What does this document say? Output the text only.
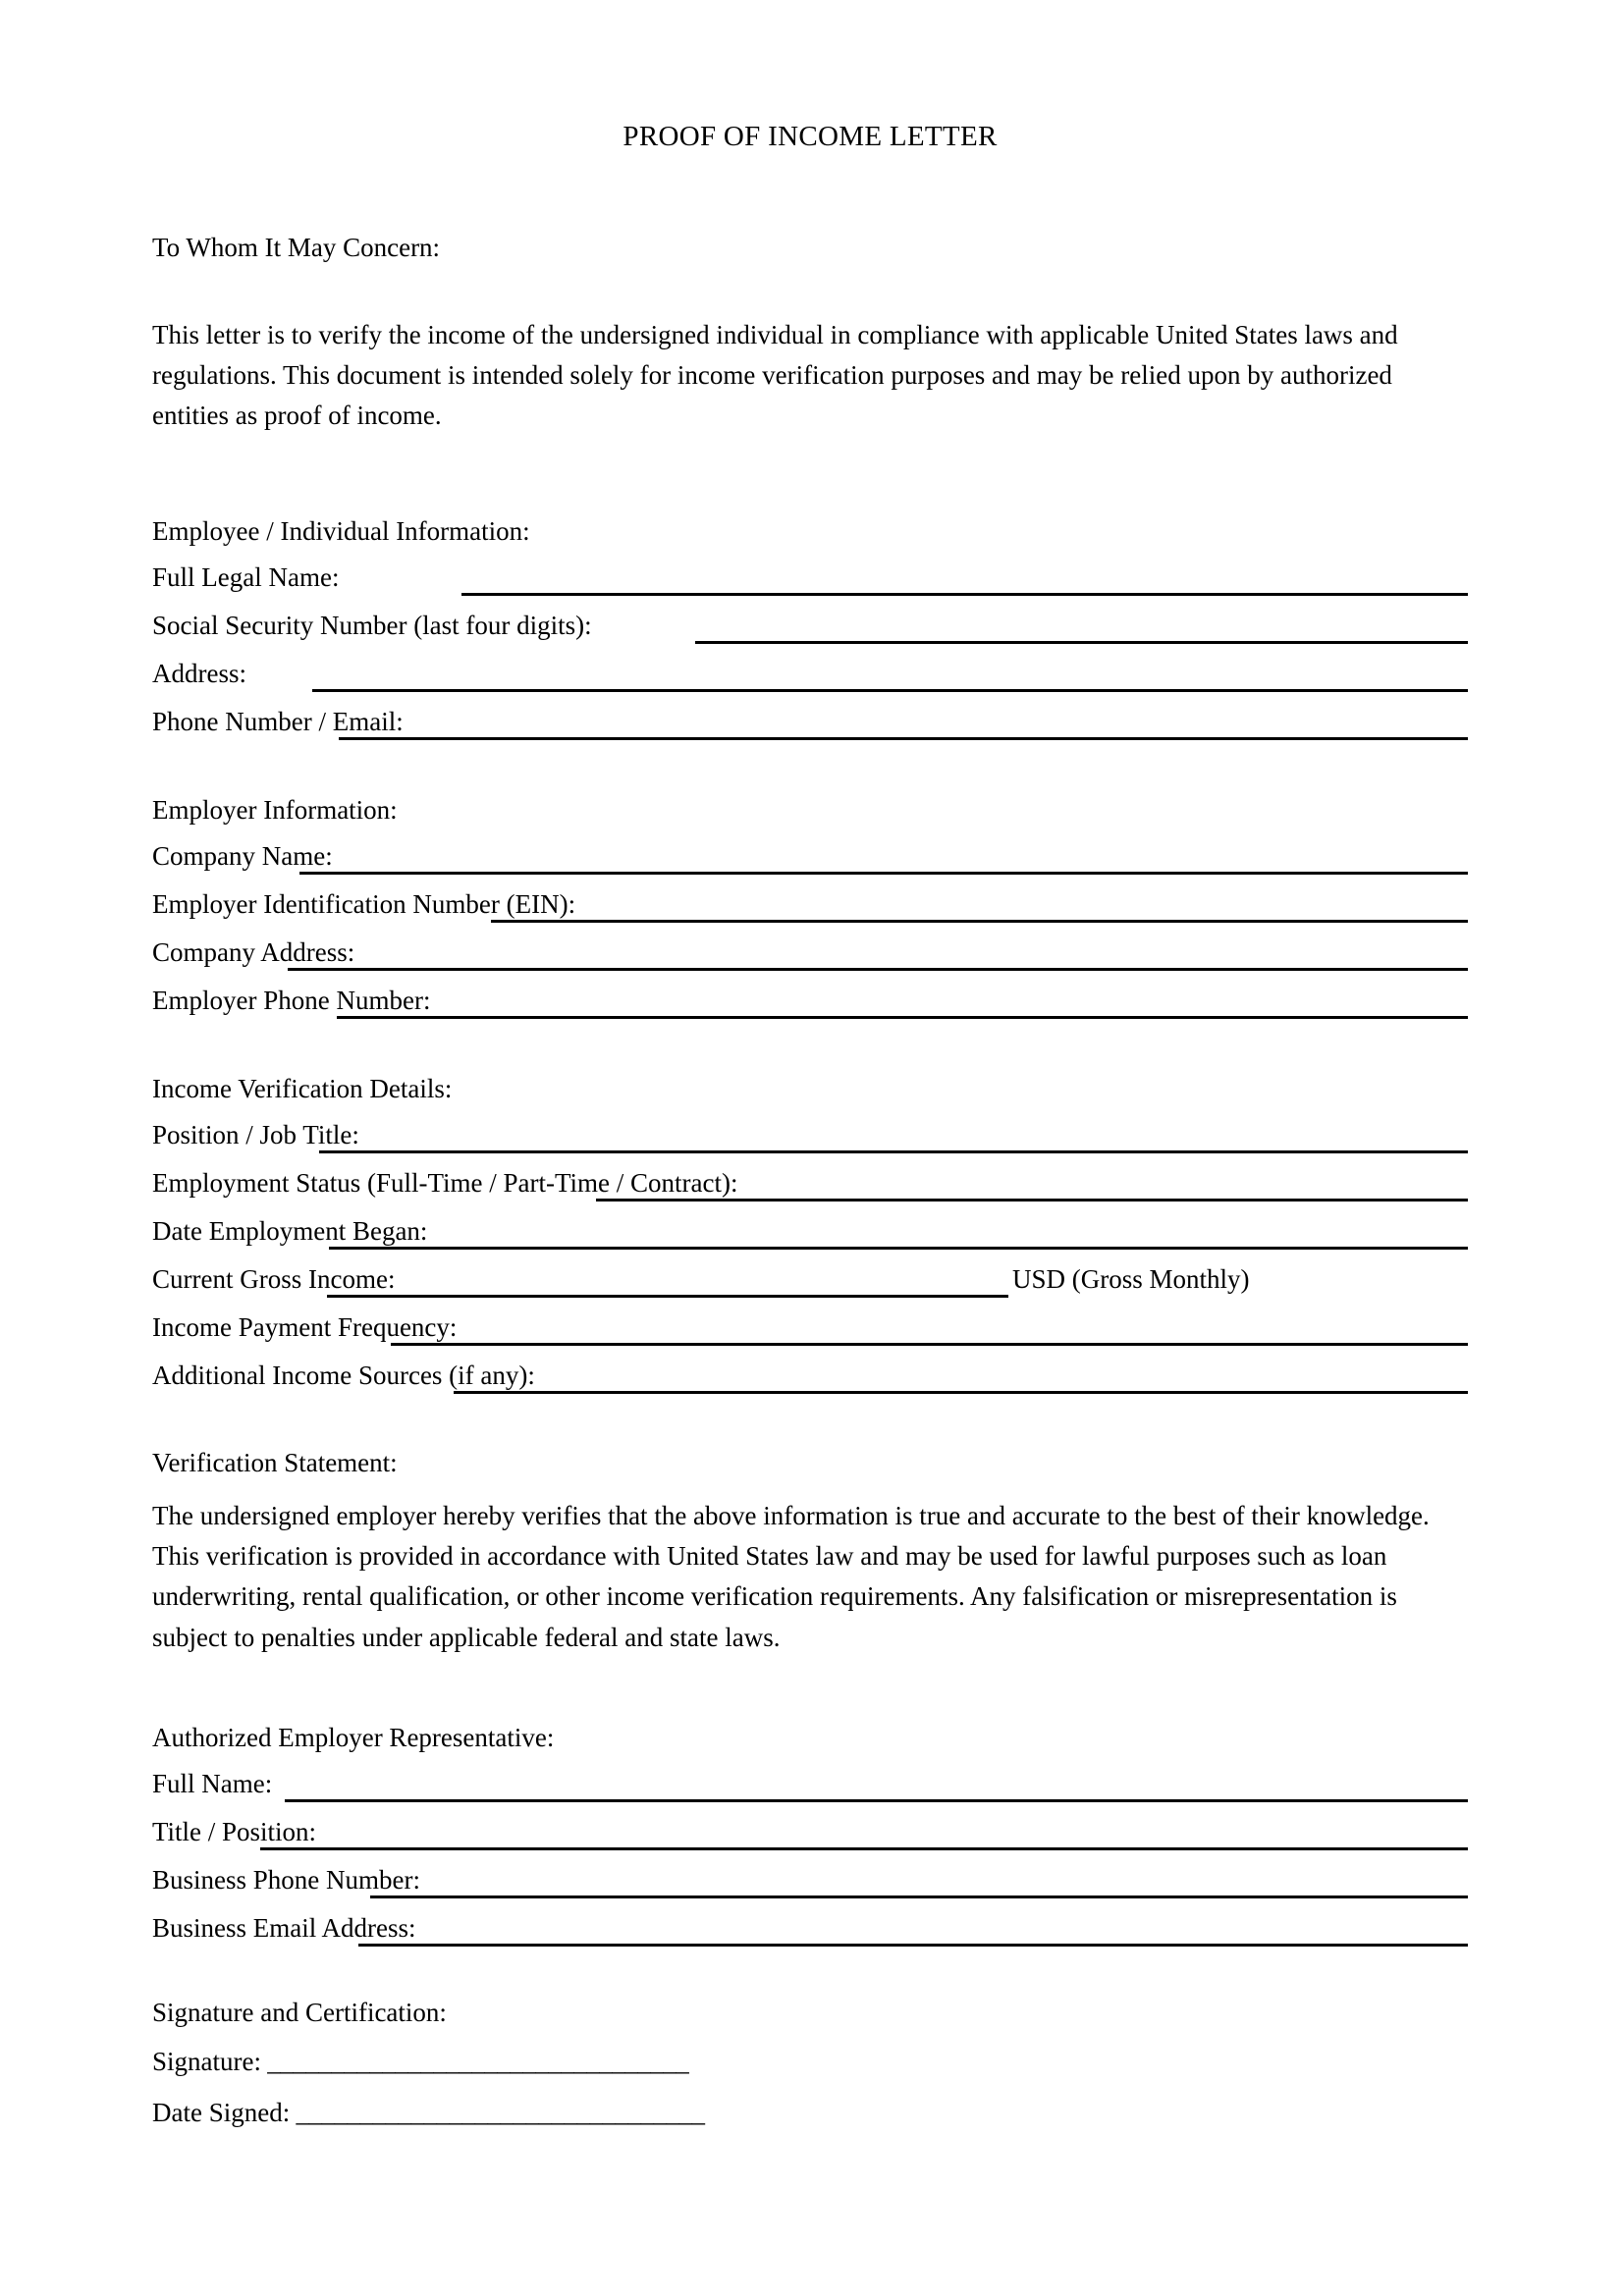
PROOF OF INCOME LETTER
To Whom It May Concern:
This letter is to verify the income of the undersigned individual in compliance with applicable United States laws and regulations. This document is intended solely for income verification purposes and may be relied upon by authorized entities as proof of income.
Employee / Individual Information:
Full Legal Name:
Social Security Number (last four digits):
Address:
Phone Number / Email:
Employer Information:
Company Name:
Employer Identification Number (EIN):
Company Address:
Employer Phone Number:
Income Verification Details:
Position / Job Title:
Employment Status (Full-Time / Part-Time / Contract):
Date Employment Began:
Current Gross Income:	USD (Gross Monthly)
Income Payment Frequency:
Additional Income Sources (if any):
Verification Statement:
The undersigned employer hereby verifies that the above information is true and accurate to the best of their knowledge. This verification is provided in accordance with United States law and may be used for lawful purposes such as loan underwriting, rental qualification, or other income verification requirements. Any falsification or misrepresentation is subject to penalties under applicable federal and state laws.
Authorized Employer Representative:
Full Name:
Title / Position:
Business Phone Number:
Business Email Address:
Signature and Certification:
Signature: _________________________________
Date Signed: ________________________________
